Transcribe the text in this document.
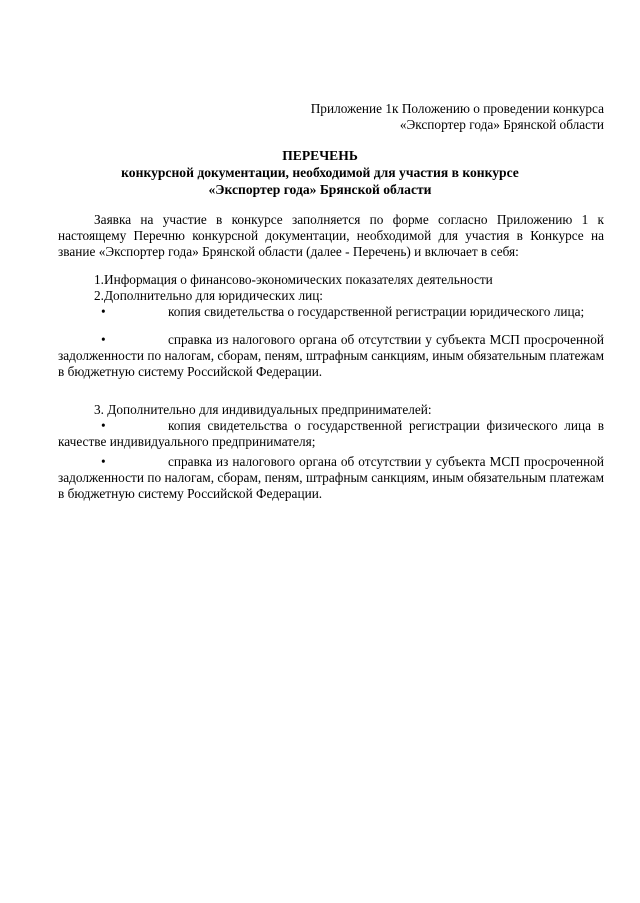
Приложение 1к Положению о проведении конкурса
«Экспортер года» Брянской области
ПЕРЕЧЕНЬ
конкурсной документации, необходимой для участия в конкурсе
«Экспортер года» Брянской области

Заявка на участие в конкурсе заполняется по форме согласно Приложению 1 к настоящему Перечню конкурсной документации, необходимой для участия в Конкурсе на звание «Экспортер года» Брянской области (далее - Перечень) и включает в себя:

1.Информация о финансово-экономических показателях деятельности

2.Дополнительно для юридических лиц:

•	копия свидетельства о государственной регистрации юридического лица;

•	справка из налогового органа об отсутствии у субъекта МСП просроченной задолженности по налогам, сборам, пеням, штрафным санкциям, иным обязательным платежам в бюджетную систему Российской Федерации.

3. Дополнительно для индивидуальных предпринимателей:

•	копия свидетельства о государственной регистрации физического лица в качестве индивидуального предпринимателя;

•	справка из налогового органа об отсутствии у субъекта МСП просроченной задолженности по налогам, сборам, пеням, штрафным санкциям, иным обязательным платежам в бюджетную систему Российской Федерации.
